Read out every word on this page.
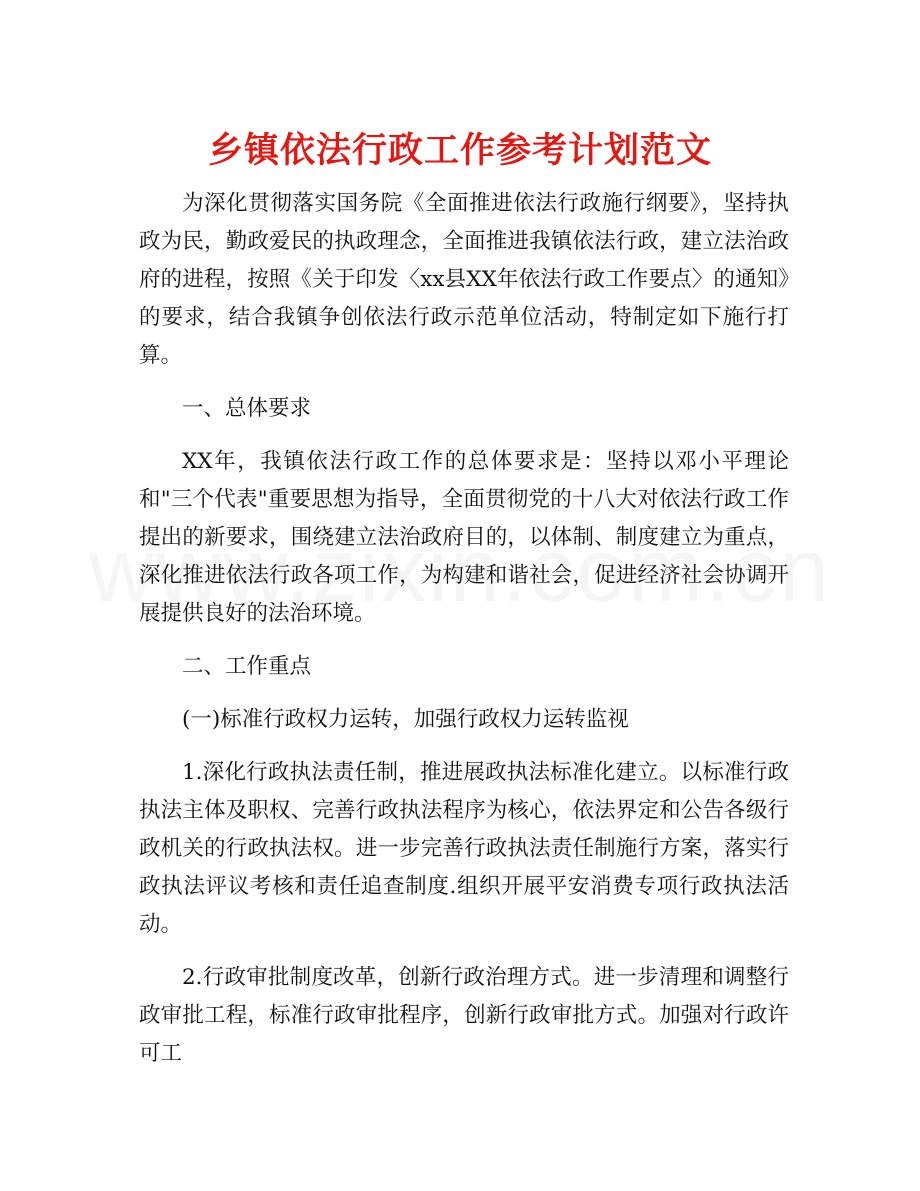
乡镇依法行政工作参考计划范文

为深化贯彻落实国务院《全面推进依法行政施行纲要》，坚持执政为民，勤政爱民的执政理念，全面推进我镇依法行政，建立法治政府的进程，按照《关于印发〈xx县XX年依法行政工作要点〉的通知》的要求，结合我镇争创依法行政示范单位活动，特制定如下施行打算。

一、总体要求

XX年，我镇依法行政工作的总体要求是：坚持以邓小平理论和"三个代表"重要思想为指导，全面贯彻党的十八大对依法行政工作提出的新要求，围绕建立法治政府目的，以体制、制度建立为重点，深化推进依法行政各项工作，为构建和谐社会，促进经济社会协调开展提供良好的法治环境。

二、工作重点

(一)标准行政权力运转，加强行政权力运转监视

1.深化行政执法责任制，推进展政执法标准化建立。以标准行政执法主体及职权、完善行政执法程序为核心，依法界定和公告各级行政机关的行政执法权。进一步完善行政执法责任制施行方案，落实行政执法评议考核和责任追查制度.组织开展平安消费专项行政执法活动。

2.行政审批制度改革，创新行政治理方式。进一步清理和调整行政审批工程，标准行政审批程序，创新行政审批方式。加强对行政许可工
